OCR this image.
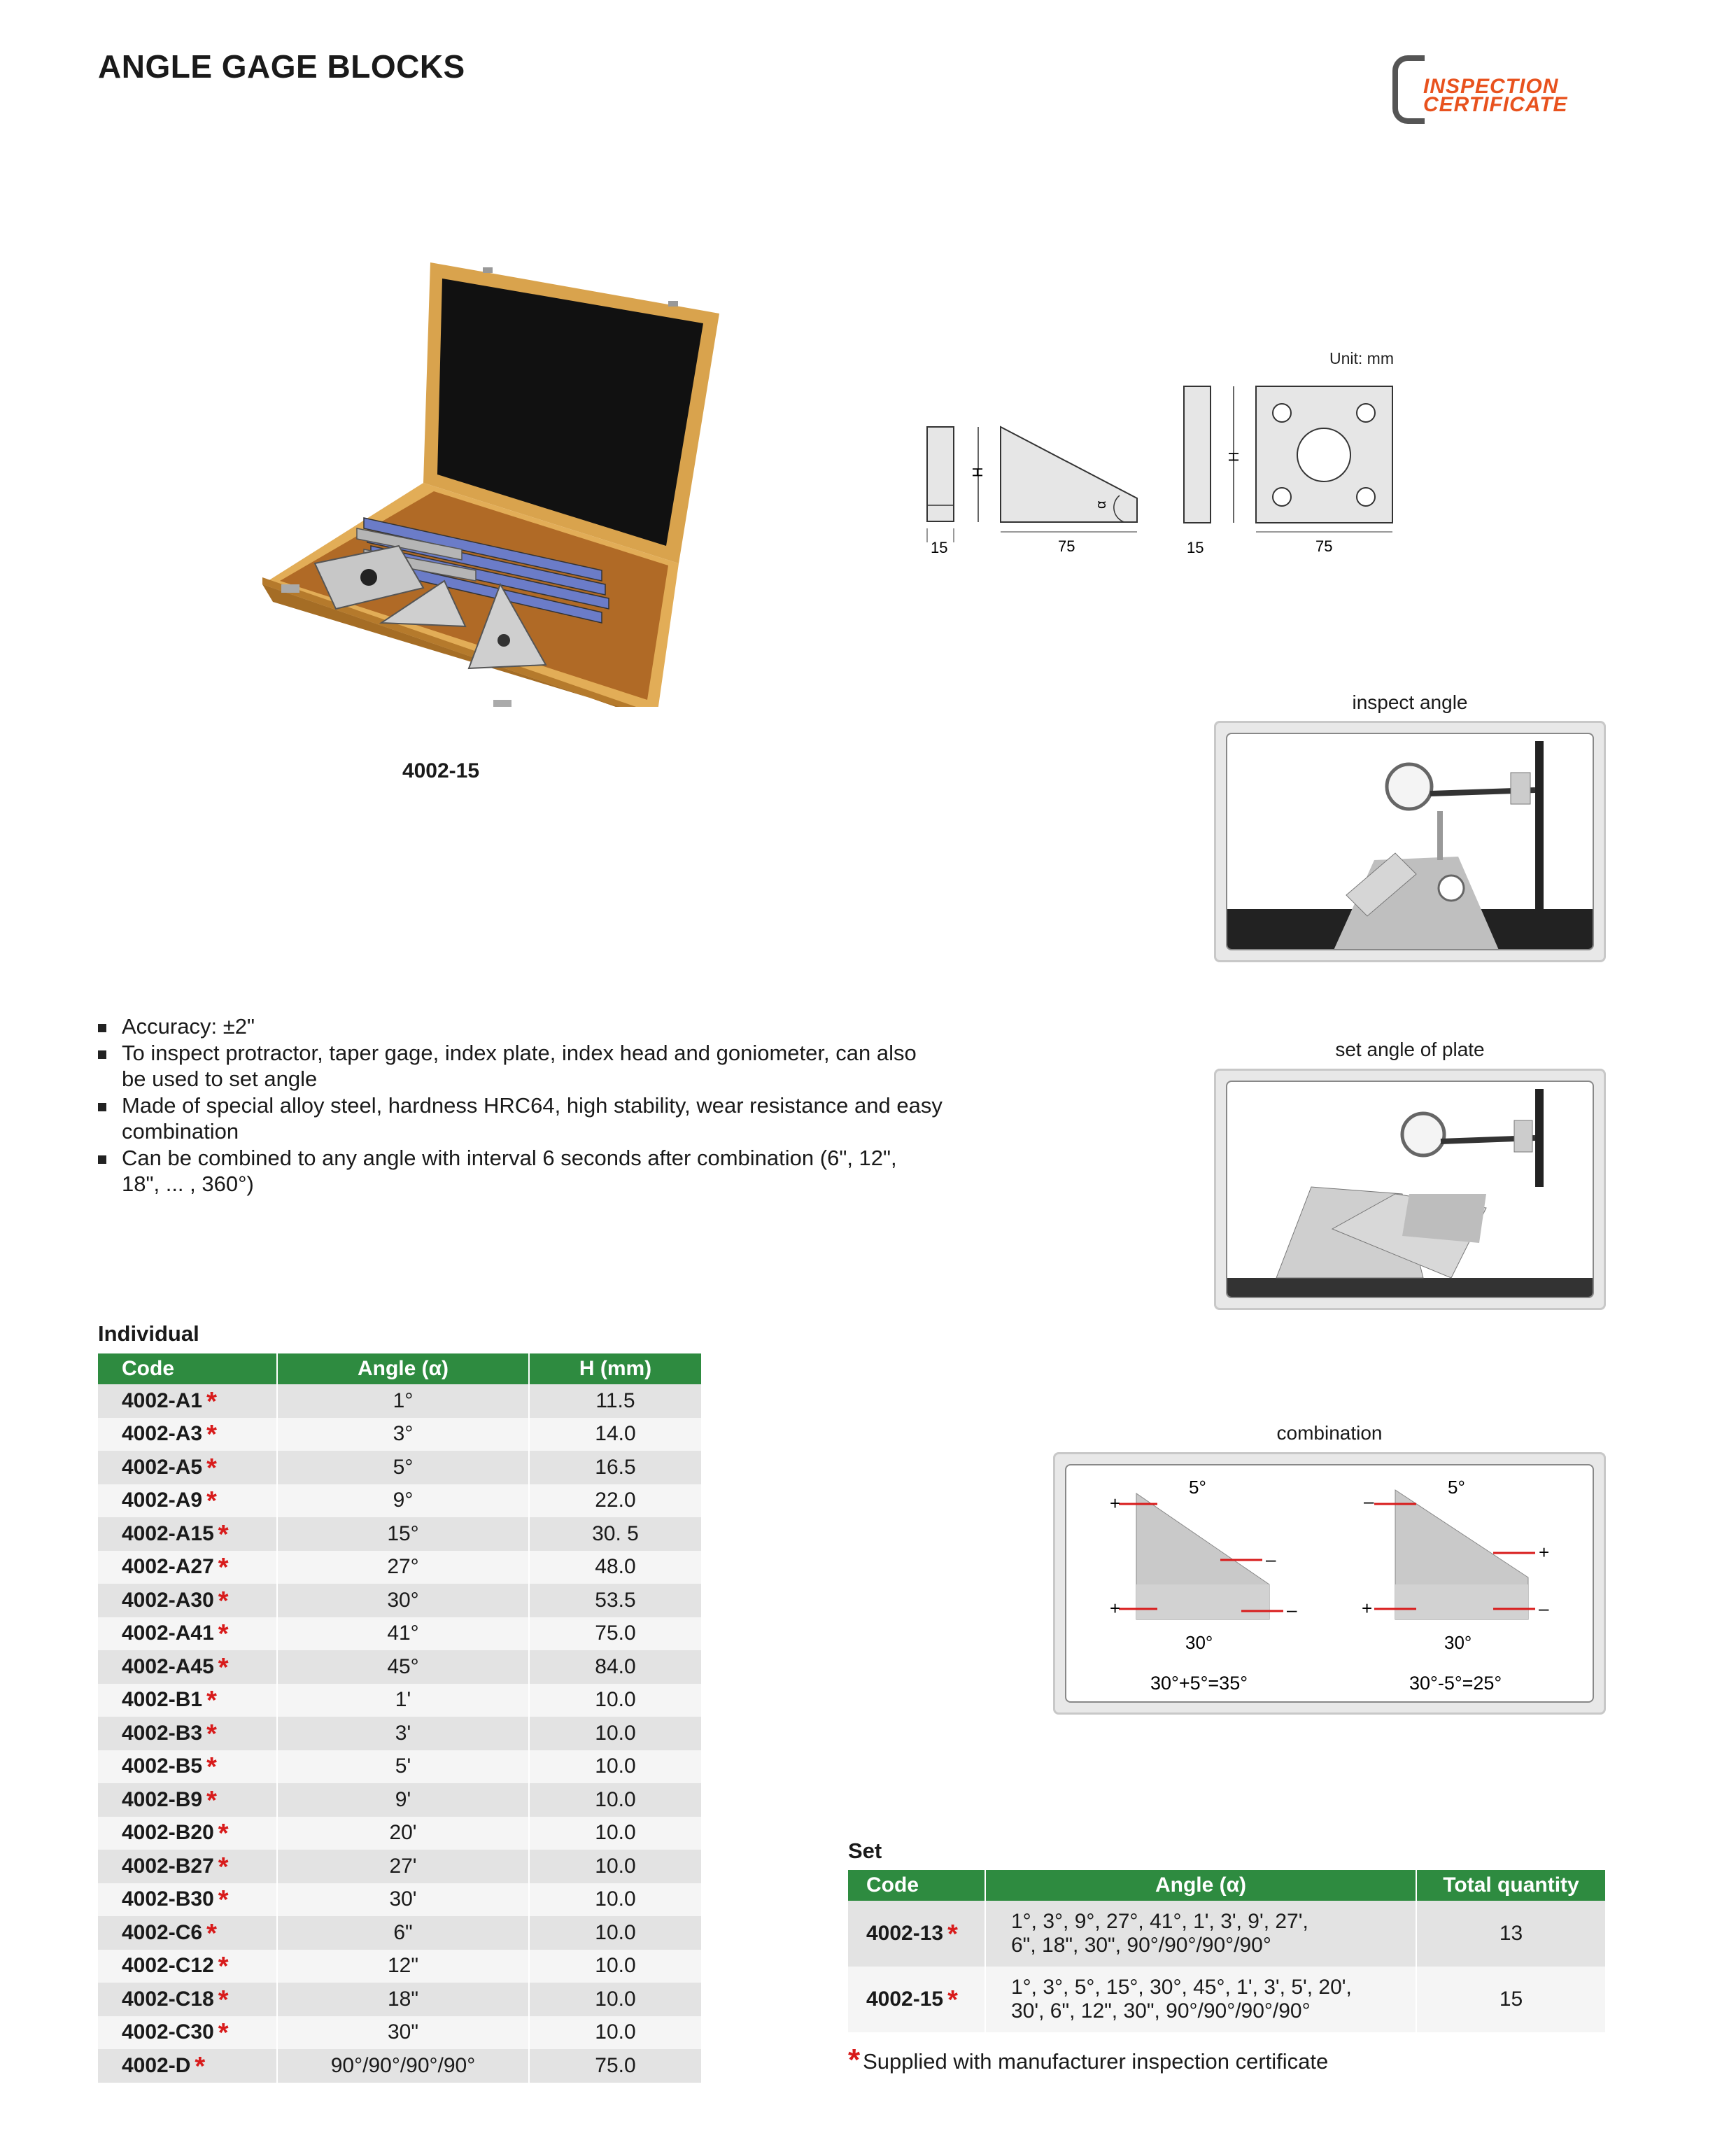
ANGLE GAGE BLOCKS
INSPECTION
CERTIFICATE
4002-15
Unit: mm
α
H
15	75	15
H
75
inspect angle
set angle of plate
combination
+
+
–
–
5°
30°
30°+5°=35°
–
+
+
–
5°
30°
30°-5°=25°
Accuracy: ±2"
To inspect protractor, taper gage, index plate, index head and goniometer, can also be used to set angle
Made of special alloy steel, hardness HRC64, high stability, wear resistance and easy combination
Can be combined to any angle with interval 6 seconds after combination (6", 12", 18", ... , 360°)
Individual
Code	Angle (α)	H (mm)
4002-A1 *	1°	11.5
4002-A3 *	3°	14.0
4002-A5 *	5°	16.5
4002-A9 *	9°	22.0
4002-A15 *	15°	30. 5
4002-A27 *	27°	48.0
4002-A30 *	30°	53.5
4002-A41 *	41°	75.0
4002-A45 *	45°	84.0
4002-B1 *	1'	10.0
4002-B3 *	3'	10.0
4002-B5 *	5'	10.0
4002-B9 *	9'	10.0
4002-B20 *	20'	10.0
4002-B27 *	27'	10.0
4002-B30 *	30'	10.0
4002-C6 *	6"	10.0
4002-C12 *	12"	10.0
4002-C18 *	18"	10.0
4002-C30 *	30"	10.0
4002-D *	90°/90°/90°/90°	75.0
Set
Code	Angle (α)	Total quantity
4002-13 *	1°, 3°, 9°, 27°, 41°, 1', 3', 9', 27',
6", 18", 30", 90°/90°/90°/90°	13
4002-15 *	1°, 3°, 5°, 15°, 30°, 45°, 1', 3', 5', 20',
30', 6", 12", 30", 90°/90°/90°/90°	15
* Supplied with manufacturer inspection certificate
